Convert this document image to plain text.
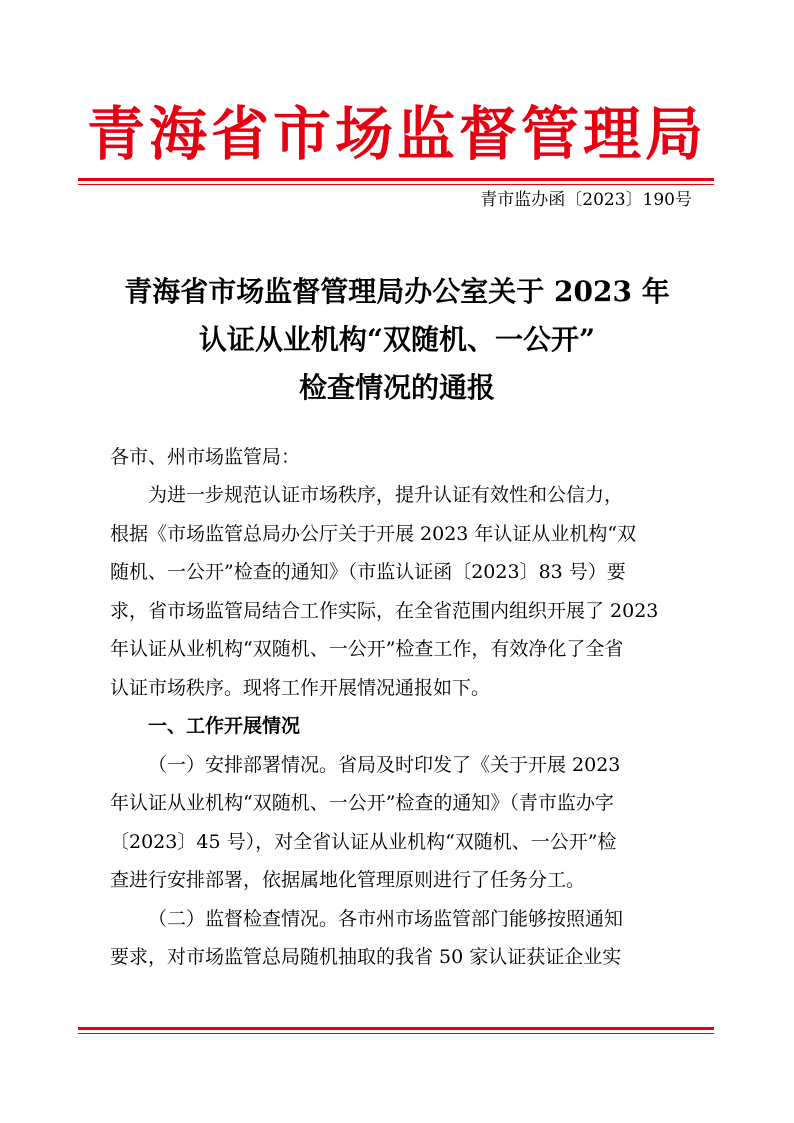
青海省市场监督管理局
青市监办函〔2023〕190号
青海省市场监督管理局办公室关于 2023 年
认证从业机构“双随机、一公开”
检查情况的通报
各市、州市场监管局：
为进一步规范认证市场秩序，提升认证有效性和公信力，
根据《市场监管总局办公厅关于开展 2023 年认证从业机构“双
随机、一公开”检查的通知》（市监认证函〔2023〕83 号）要
求，省市场监管局结合工作实际，在全省范围内组织开展了 2023
年认证从业机构“双随机、一公开”检查工作，有效净化了全省
认证市场秩序。现将工作开展情况通报如下。
一、工作开展情况
（一）安排部署情况。省局及时印发了《关于开展 2023
年认证从业机构“双随机、一公开”检查的通知》（青市监办字
〔2023〕45 号），对全省认证从业机构“双随机、一公开”检
查进行安排部署，依据属地化管理原则进行了任务分工。
（二）监督检查情况。各市州市场监管部门能够按照通知
要求，对市场监管总局随机抽取的我省 50 家认证获证企业实
